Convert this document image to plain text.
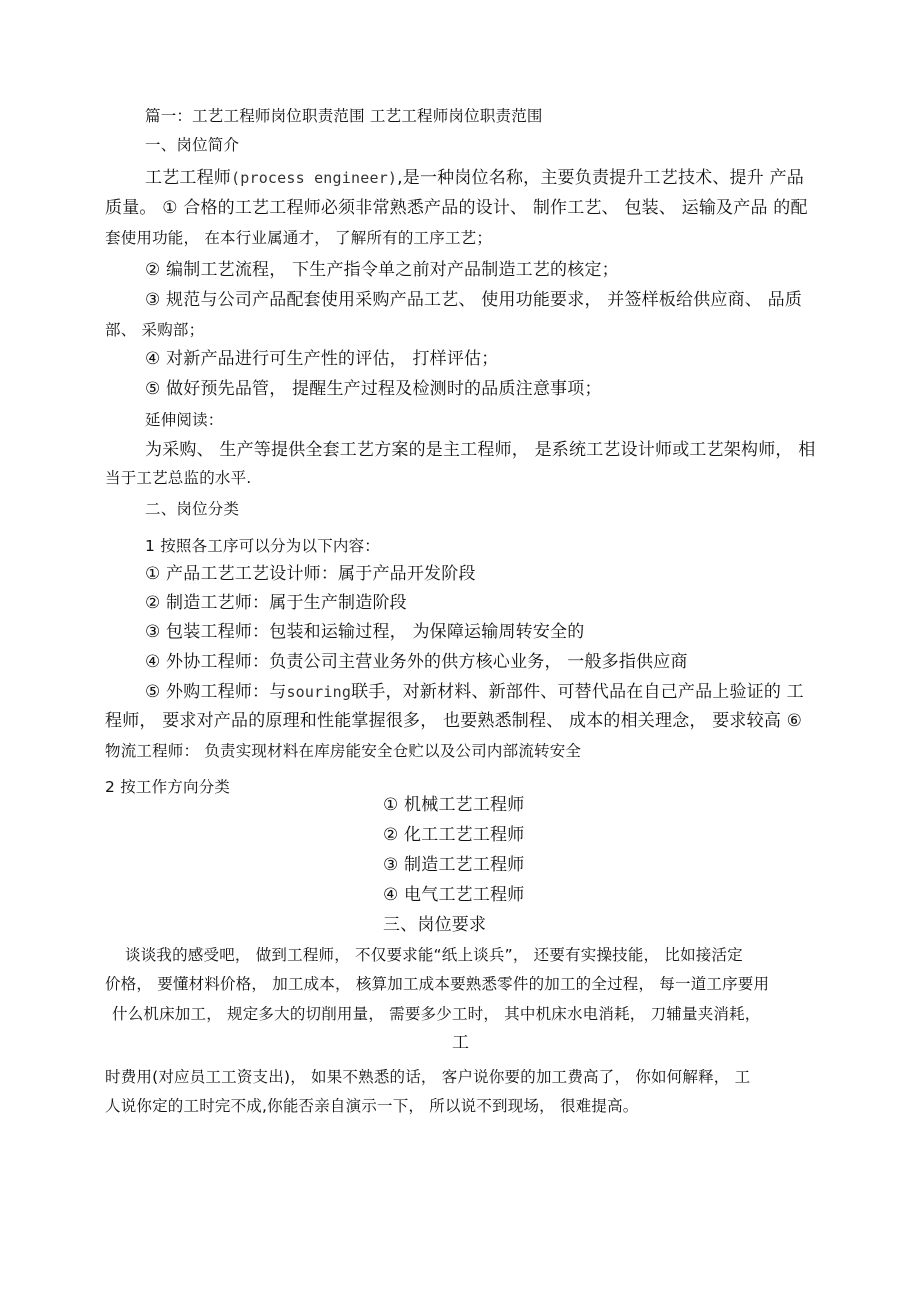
篇一：工艺工程师岗位职责范围 工艺工程师岗位职责范围
一、岗位简介
工艺工程师(process engineer),是一种岗位名称，主要负责提升工艺技术、提升 产品
质量。 ① 合格的工艺工程师必须非常熟悉产品的设计、 制作工艺、 包装、 运输及产品 的配
套使用功能， 在本行业属通才， 了解所有的工序工艺；
② 编制工艺流程， 下生产指令单之前对产品制造工艺的核定；
③ 规范与公司产品配套使用采购产品工艺、 使用功能要求， 并签样板给供应商、 品质
部、 采购部；
④ 对新产品进行可生产性的评估， 打样评估；
⑤ 做好预先品管， 提醒生产过程及检测时的品质注意事项；
延伸阅读：
为采购、 生产等提供全套工艺方案的是主工程师， 是系统工艺设计师或工艺架构师， 相
当于工艺总监的水平.
二、岗位分类
1 按照各工序可以分为以下内容：
① 产品工艺工艺设计师：属于产品开发阶段
② 制造工艺师：属于生产制造阶段
③ 包装工程师：包装和运输过程， 为保障运输周转安全的
④ 外协工程师：负责公司主营业务外的供方核心业务， 一般多指供应商
⑤ 外购工程师：与souring联手，对新材料、新部件、可替代品在自己产品上验证的 工
程师， 要求对产品的原理和性能掌握很多， 也要熟悉制程、 成本的相关理念， 要求较高 ⑥
物流工程师： 负责实现材料在库房能安全仓贮以及公司内部流转安全
2 按工作方向分类
① 机械工艺工程师
② 化工工艺工程师
③ 制造工艺工程师
④ 电气工艺工程师
三、岗位要求
谈谈我的感受吧， 做到工程师， 不仅要求能“纸上谈兵”， 还要有实操技能， 比如接活定
价格， 要懂材料价格， 加工成本， 核算加工成本要熟悉零件的加工的全过程， 每一道工序要用
什么机床加工， 规定多大的切削用量， 需要多少工时， 其中机床水电消耗， 刀辅量夹消耗，
工
时费用(对应员工工资支出)， 如果不熟悉的话， 客户说你要的加工费高了， 你如何解释， 工
人说你定的工时完不成,你能否亲自演示一下， 所以说不到现场， 很难提高。
